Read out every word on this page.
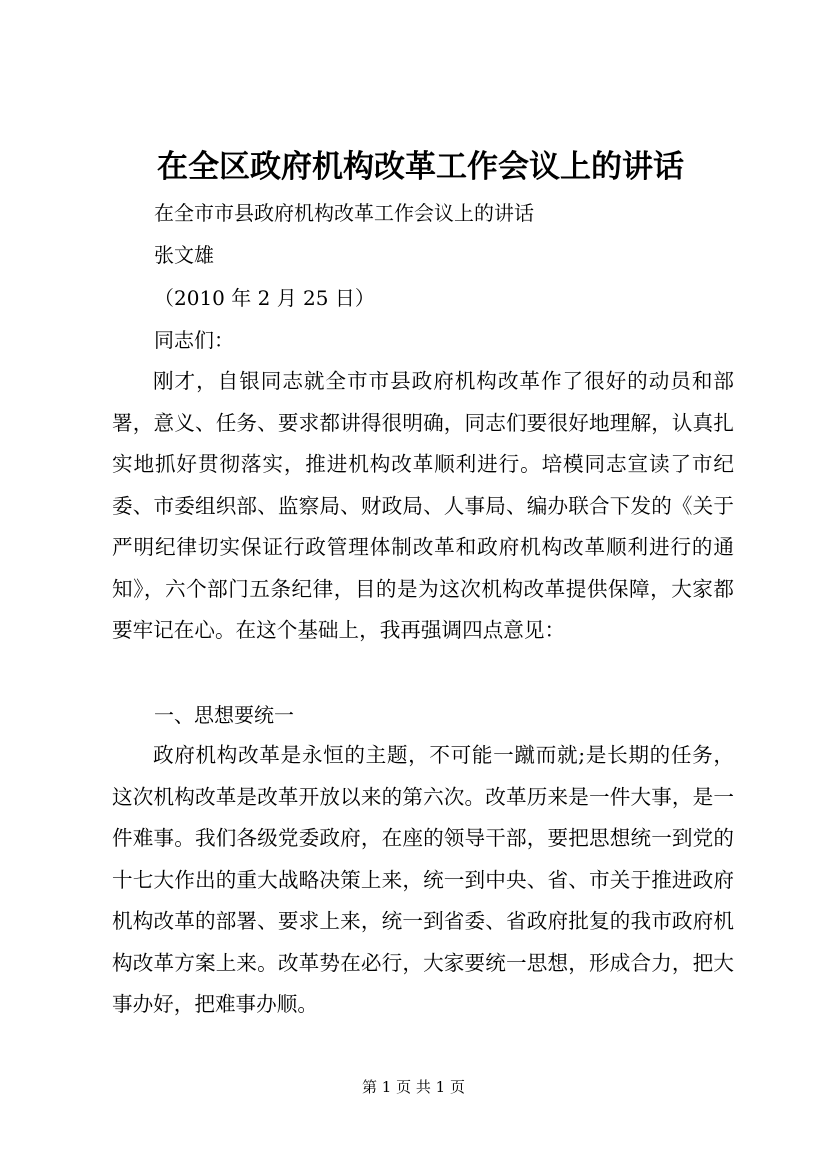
在全区政府机构改革工作会议上的讲话
在全市市县政府机构改革工作会议上的讲话
张文雄
（2010 年 2 月 25 日）
同志们：

刚才，自银同志就全市市县政府机构改革作了很好的动员和部署，意义、任务、要求都讲得很明确，同志们要很好地理解，认真扎实地抓好贯彻落实，推进机构改革顺利进行。培模同志宣读了市纪委、市委组织部、监察局、财政局、人事局、编办联合下发的《关于严明纪律切实保证行政管理体制改革和政府机构改革顺利进行的通知》，六个部门五条纪律，目的是为这次机构改革提供保障，大家都要牢记在心。在这个基础上，我再强调四点意见：

一、思想要统一

政府机构改革是永恒的主题，不可能一蹴而就;是长期的任务，这次机构改革是改革开放以来的第六次。改革历来是一件大事，是一件难事。我们各级党委政府，在座的领导干部，要把思想统一到党的十七大作出的重大战略决策上来，统一到中央、省、市关于推进政府机构改革的部署、要求上来，统一到省委、省政府批复的我市政府机构改革方案上来。改革势在必行，大家要统一思想，形成合力，把大事办好，把难事办顺。

第 1 页 共 1 页
